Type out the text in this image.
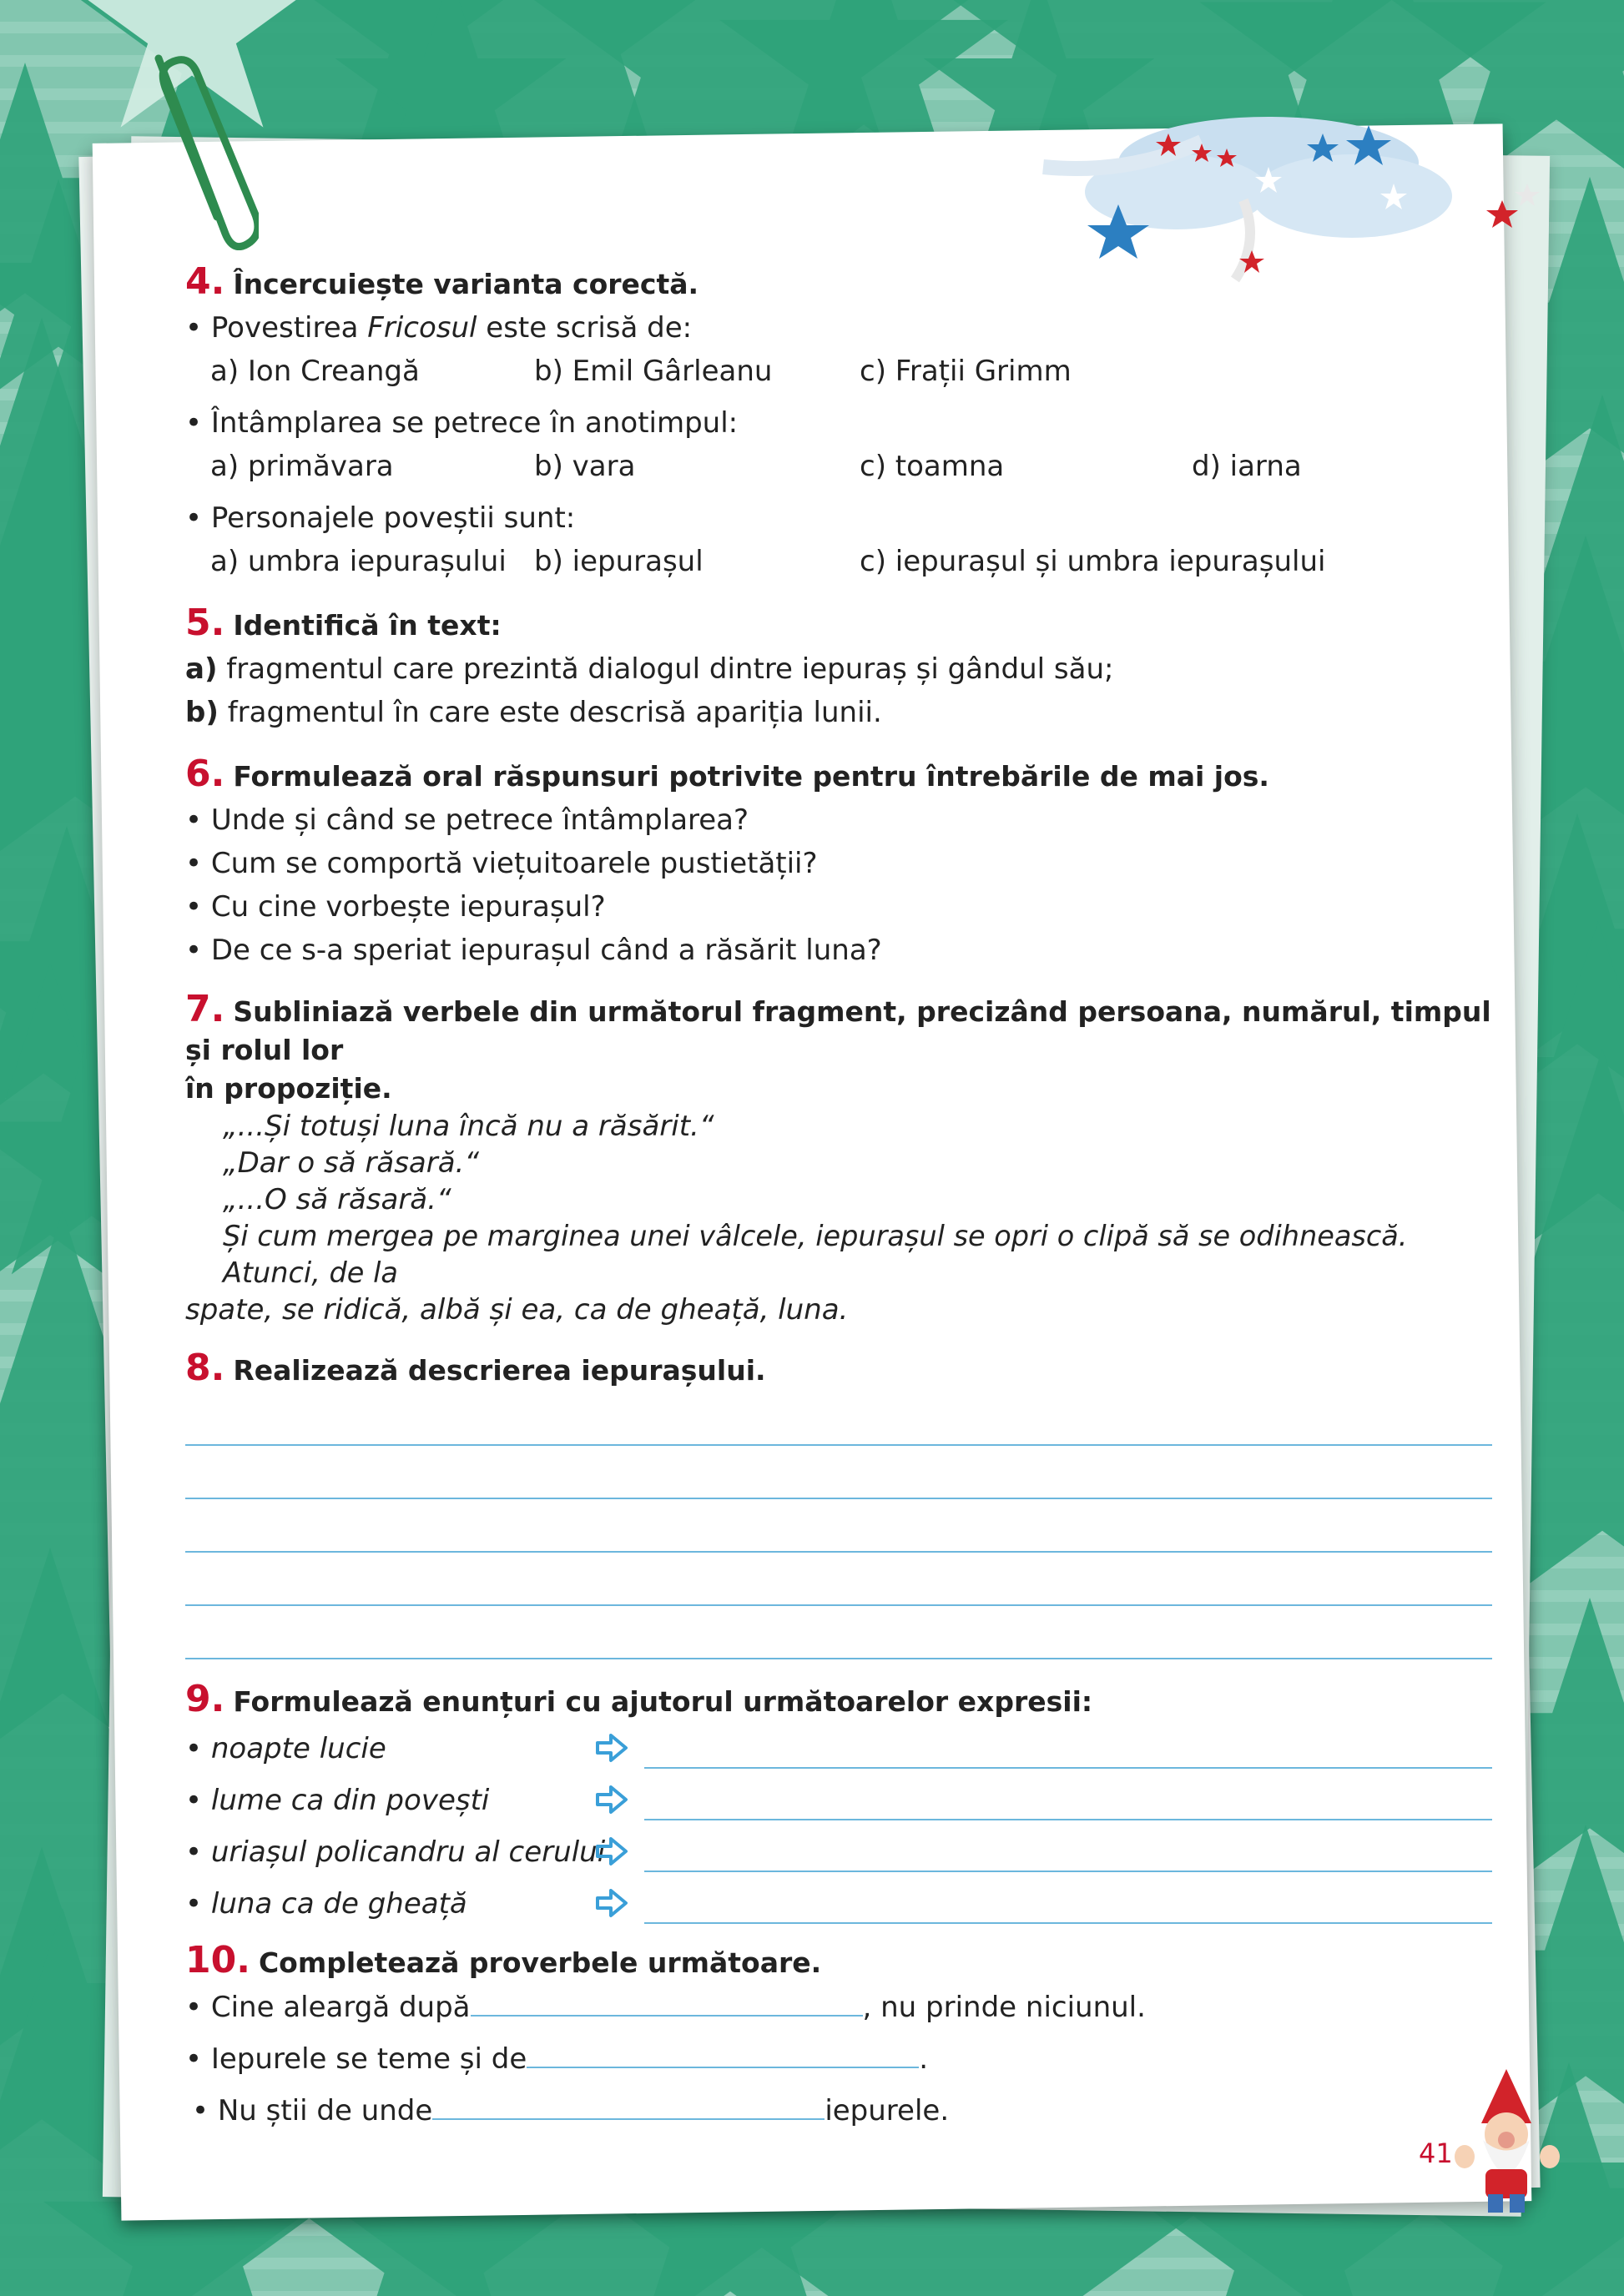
4. Încercuiește varianta corectă.
• Povestirea Fricosul este scrisă de:
a) Ion Creangă	b) Emil Gârleanu	c) Frații Grimm
• Întâmplarea se petrece în anotimpul:
a) primăvara	b) vara	c) toamna	d) iarna
• Personajele poveștii sunt:
a) umbra iepurașului b) iepurașul	c) iepurașul și umbra iepurașului
5. Identifică în text:
a) fragmentul care prezintă dialogul dintre iepuraș și gândul său;
b) fragmentul în care este descrisă apariția lunii.
6. Formulează oral răspunsuri potrivite pentru întrebările de mai jos.
• Unde și când se petrece întâmplarea?
• Cum se comportă viețuitoarele pustietății?
• Cu cine vorbește iepurașul?
• De ce s-a speriat iepurașul când a răsărit luna?
7. Subliniază verbele din următorul fragment, precizând persoana, numărul, timpul și rolul lor
în propoziție.
„...Și totuși luna încă nu a răsărit.“
„Dar o să răsară.“
„...O să răsară.“
Și cum mergea pe marginea unei vâlcele, iepurașul se opri o clipă să se odihnească. Atunci, de la
spate, se ridică, albă și ea, ca de gheață, luna.
8. Realizează descrierea iepurașului.
9. Formulează enunțuri cu ajutorul următoarelor expresii:
• noapte lucie
• lume ca din povești
• uriașul policandru al cerului
• luna ca de gheață
10. Completează proverbele următoare.
• Cine aleargă după	, nu prinde niciunul.
• Iepurele se teme și de	.
• Nu știi de unde	iepurele.
41
